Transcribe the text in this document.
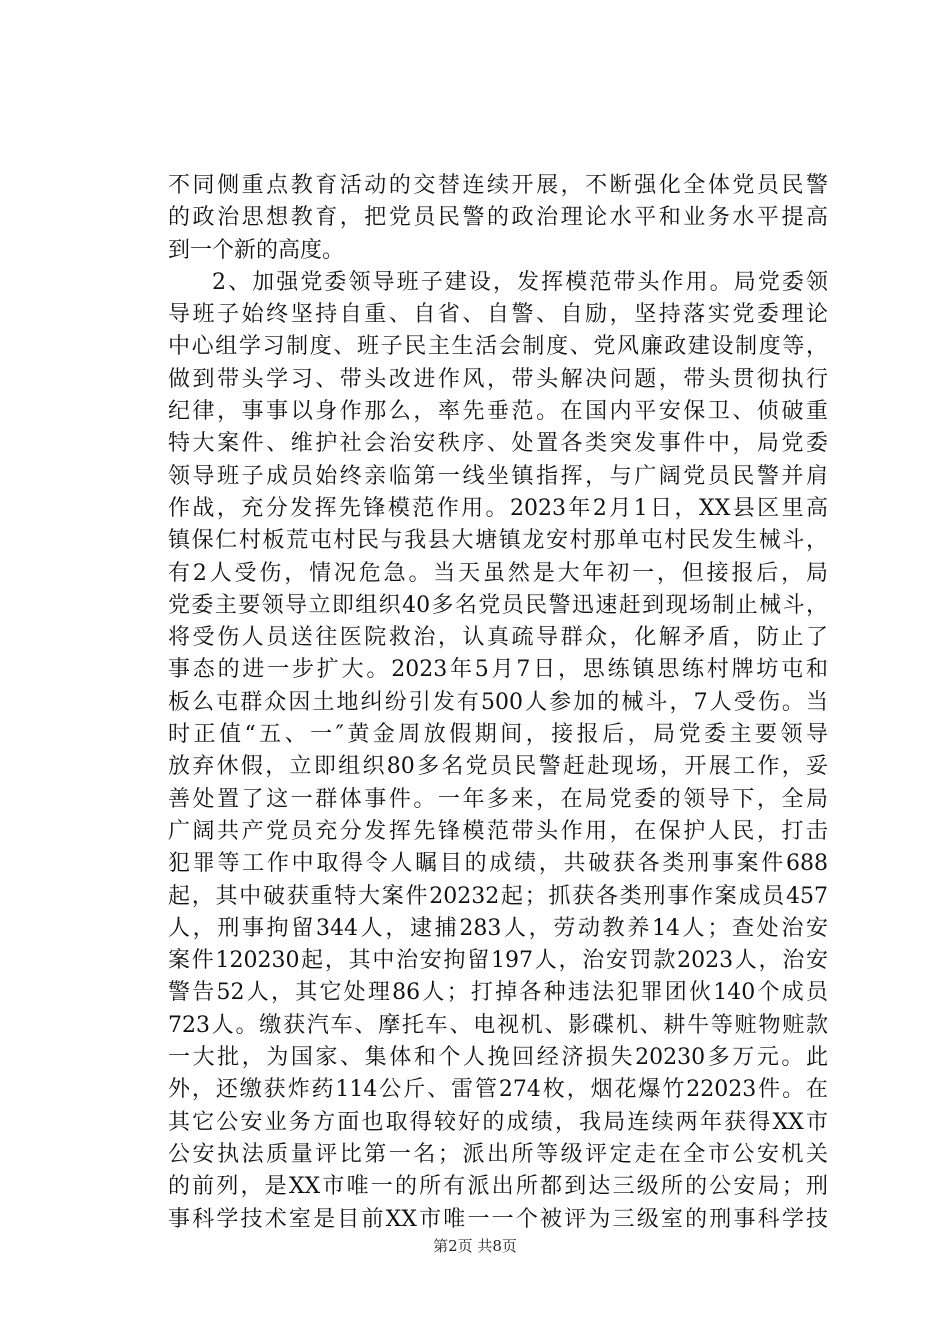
不同侧重点教育活动的交替连续开展，不断强化全体党员民警
的政治思想教育，把党员民警的政治理论水平和业务水平提高
到一个新的高度。
2、加强党委领导班子建设，发挥模范带头作用。局党委领
导班子始终坚持自重、自省、自警、自励，坚持落实党委理论
中心组学习制度、班子民主生活会制度、党风廉政建设制度等，
做到带头学习、带头改进作风，带头解决问题，带头贯彻执行
纪律，事事以身作那么，率先垂范。在国内平安保卫、侦破重
特大案件、维护社会治安秩序、处置各类突发事件中，局党委
领导班子成员始终亲临第一线坐镇指挥，与广阔党员民警并肩
作战，充分发挥先锋模范作用。2023年2月1日，XX县区里高
镇保仁村板荒屯村民与我县大塘镇龙安村那单屯村民发生械斗，
有2人受伤，情况危急。当天虽然是大年初一，但接报后，局
党委主要领导立即组织40多名党员民警迅速赶到现场制止械斗，
将受伤人员送往医院救治，认真疏导群众，化解矛盾，防止了
事态的进一步扩大。2023年5月7日，思练镇思练村牌坊屯和
板么屯群众因土地纠纷引发有500人参加的械斗，7人受伤。当
时正值“五、一″黄金周放假期间，接报后，局党委主要领导
放弃休假，立即组织80多名党员民警赶赴现场，开展工作，妥
善处置了这一群体事件。一年多来，在局党委的领导下，全局
广阔共产党员充分发挥先锋模范带头作用，在保护人民，打击
犯罪等工作中取得令人瞩目的成绩，共破获各类刑事案件688
起，其中破获重特大案件20232起；抓获各类刑事作案成员457
人，刑事拘留344人，逮捕283人，劳动教养14人；查处治安
案件120230起，其中治安拘留197人，治安罚款2023人，治安
警告52人，其它处理86人；打掉各种违法犯罪团伙140个成员
723人。缴获汽车、摩托车、电视机、影碟机、耕牛等赃物赃款
一大批，为国家、集体和个人挽回经济损失20230多万元。此
外，还缴获炸药114公斤、雷管274枚，烟花爆竹22023件。在
其它公安业务方面也取得较好的成绩，我局连续两年获得XX市
公安执法质量评比第一名；派出所等级评定走在全市公安机关
的前列，是XX市唯一的所有派出所都到达三级所的公安局；刑
事科学技术室是目前XX市唯一一个被评为三级室的刑事科学技
第2页 共8页
